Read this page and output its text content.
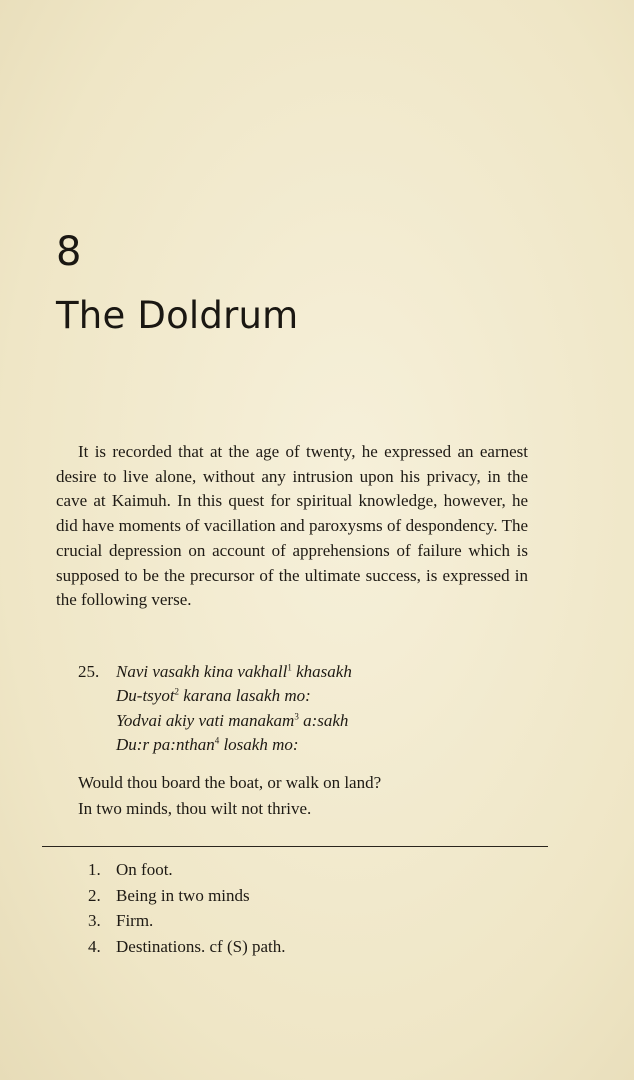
8
The Doldrum

It is recorded that at the age of twenty, he expressed an earnest desire to live alone, without any intrusion upon his privacy, in the cave at Kaimuh. In this quest for spiritual knowledge, however, he did have moments of vacillation and paroxysms of despondency. The crucial depression on account of apprehensions of failure which is supposed to be the precursor of the ultimate success, is expressed in the following verse.

25. Navi vasakh kina vakhall$^1$ khasakh
Du-tsyot$^2$ karana lasakh mo:
Yodvai akiy vati manakam$^3$ a:sakh
Du:r pa:nthan$^4$ losakh mo:
Would thou board the boat, or walk on land?
In two minds, thou wilt not thrive.
1. On foot.
2. Being in two minds
3. Firm.
4. Destinations. cf (S) path.
